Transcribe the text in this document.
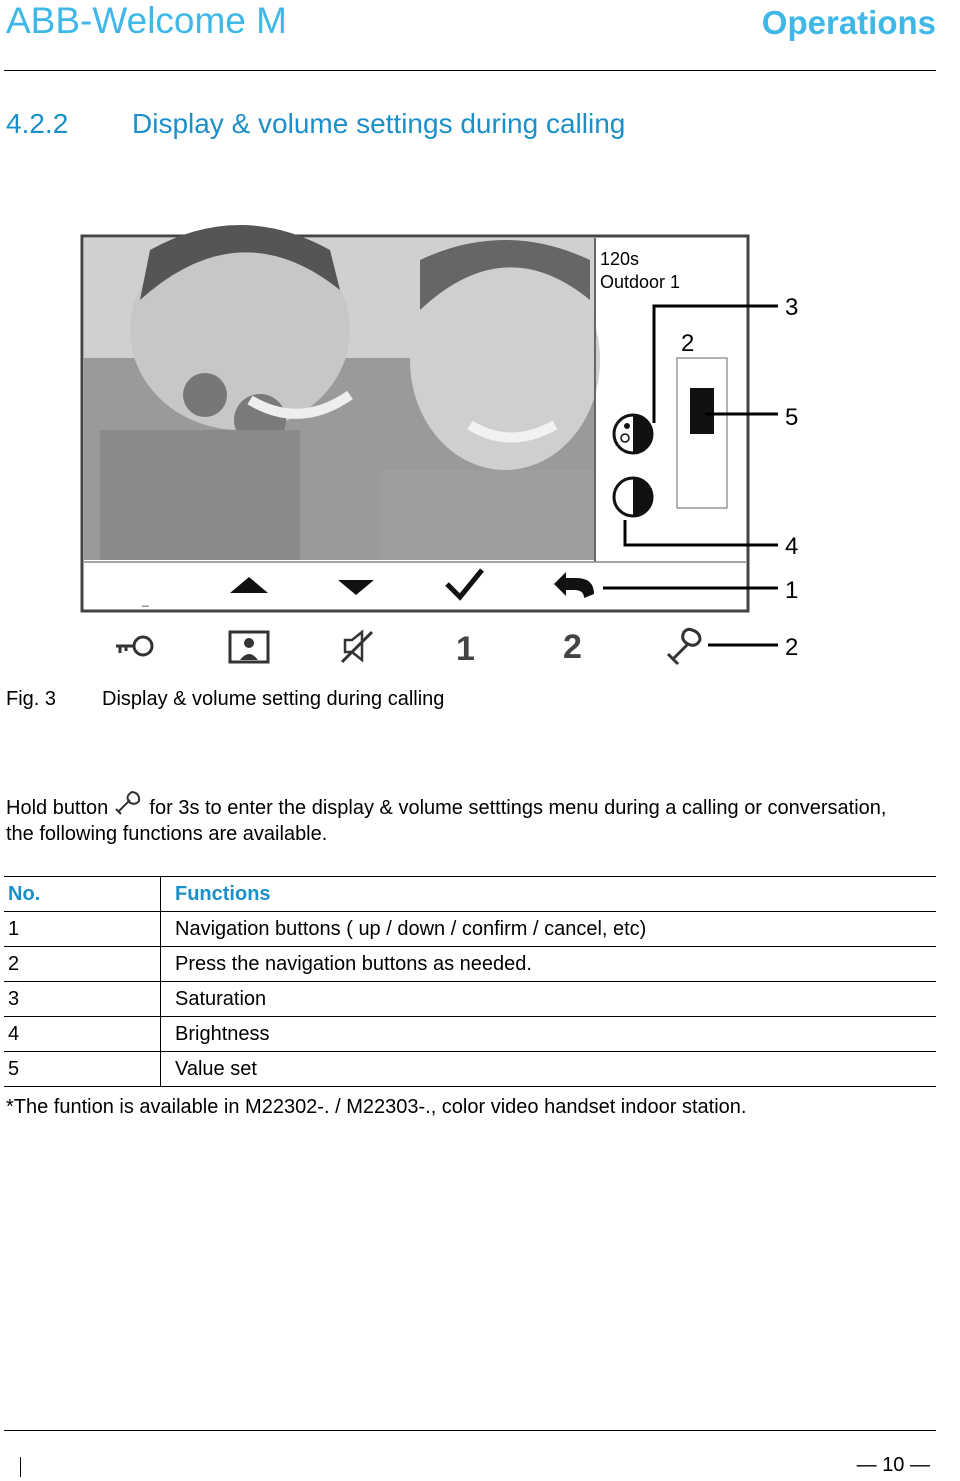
ABB-Welcome M	Operations
4.2.2 Display & volume settings during calling
120s
Outdoor 1
_
1	2
3
2
5
4
1
2
Fig. 3 Display & volume setting during calling
Hold button for 3s to enter the display & volume setttings menu during a calling or conversation, the following functions are available.
No.	Functions
1	Navigation buttons ( up / down / confirm / cancel, etc)
2	Press the navigation buttons as needed.
3	Saturation
4	Brightness
5	Value set
*The funtion is available in M22302-. / M22303-., color video handset indoor station.
— 10 —
